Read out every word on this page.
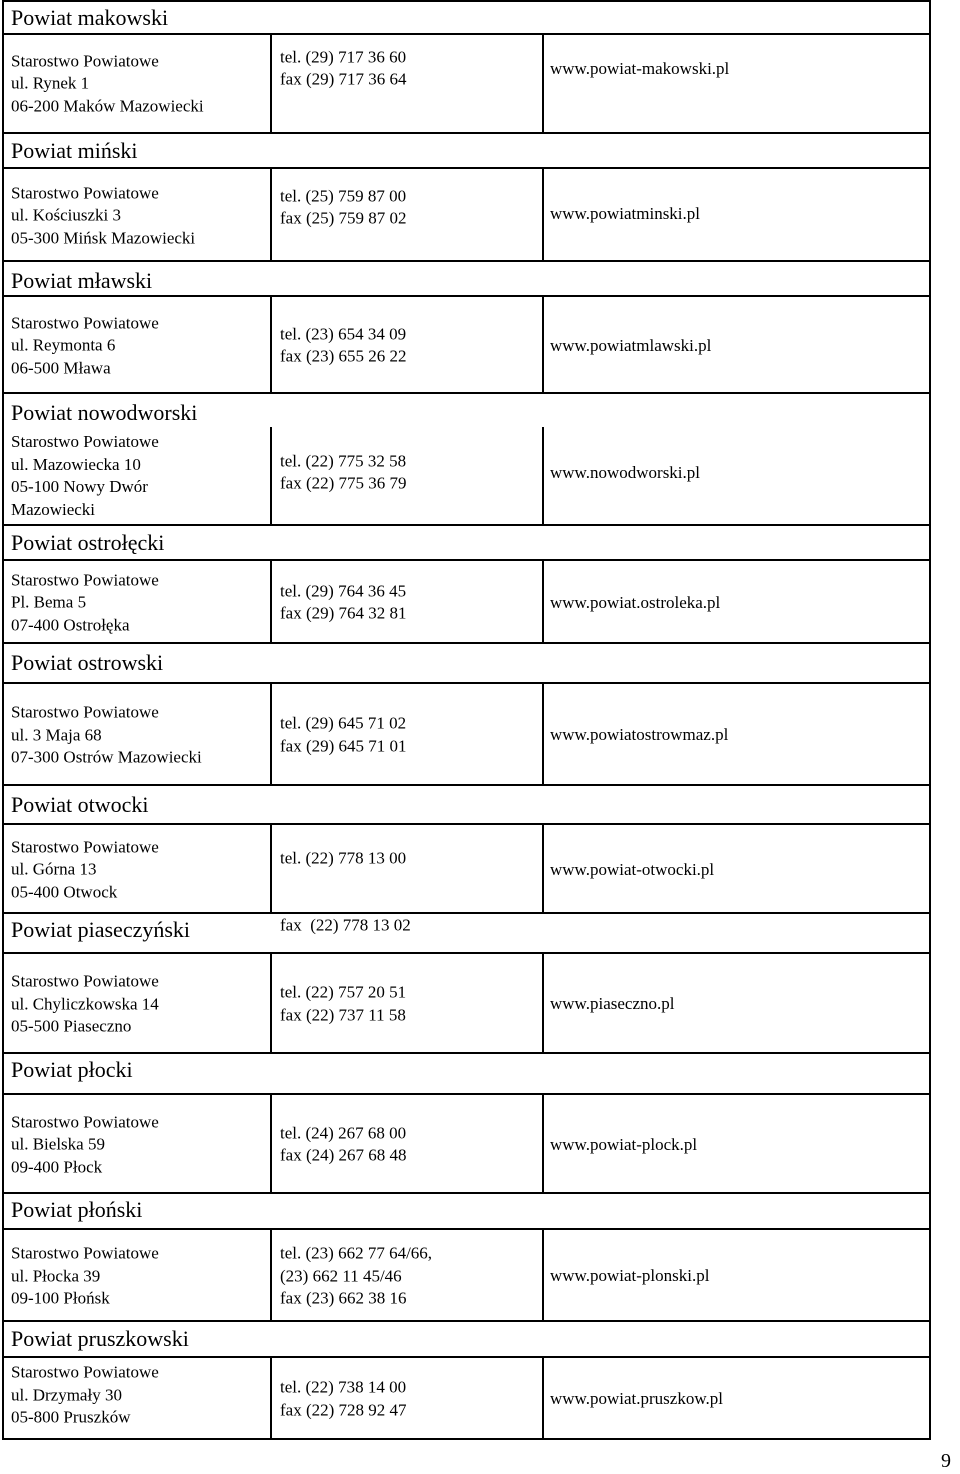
Powiat makowski
Starostwo Powiatowe
ul. Rynek 1
06-200 Maków Mazowiecki
tel. (29) 717 36 60
fax (29) 717 36 64
www.powiat-makowski.pl
Powiat miński
Starostwo Powiatowe
ul. Kościuszki 3
05-300 Mińsk Mazowiecki
tel. (25) 759 87 00
fax (25) 759 87 02	www.powiatminski.pl
Powiat mławski
Starostwo Powiatowe
ul. Reymonta 6
06-500 Mława
tel. (23) 654 34 09
fax (23) 655 26 22
www.powiatmlawski.pl
Powiat nowodworski
Starostwo Powiatowe
ul. Mazowiecka 10
05-100 Nowy Dwór
Mazowiecki
tel. (22) 775 32 58
fax (22) 775 36 79
www.nowodworski.pl
Powiat ostrołęcki
Starostwo Powiatowe
Pl. Bema 5
07-400 Ostrołęka
tel. (29) 764 36 45
fax (29) 764 32 81
www.powiat.ostroleka.pl
Powiat ostrowski
Starostwo Powiatowe
ul. 3 Maja 68
07-300 Ostrów Mazowiecki
tel. (29) 645 71 02
fax (29) 645 71 01
www.powiatostrowmaz.pl
Powiat otwocki
Starostwo Powiatowe
ul. Górna 13
05-400 Otwock

tel. (22) 778 13 00

fax  (22) 778 13 02
www.powiat-otwocki.pl
Powiat piaseczyński
Starostwo Powiatowe
ul. Chyliczkowska 14
05-500 Piaseczno
tel. (22) 757 20 51
fax (22) 737 11 58
www.piaseczno.pl
Powiat płocki
Starostwo Powiatowe
ul. Bielska 59
09-400 Płock
tel. (24) 267 68 00
fax (24) 267 68 48
www.powiat-plock.pl
Powiat płoński
Starostwo Powiatowe
ul. Płocka 39
09-100 Płońsk
tel. (23) 662 77 64/66,
(23) 662 11 45/46
fax (23) 662 38 16
www.powiat-plonski.pl
Powiat pruszkowski
Starostwo Powiatowe
ul. Drzymały 30
05-800 Pruszków
tel. (22) 738 14 00
fax (22) 728 92 47
www.powiat.pruszkow.pl
9
